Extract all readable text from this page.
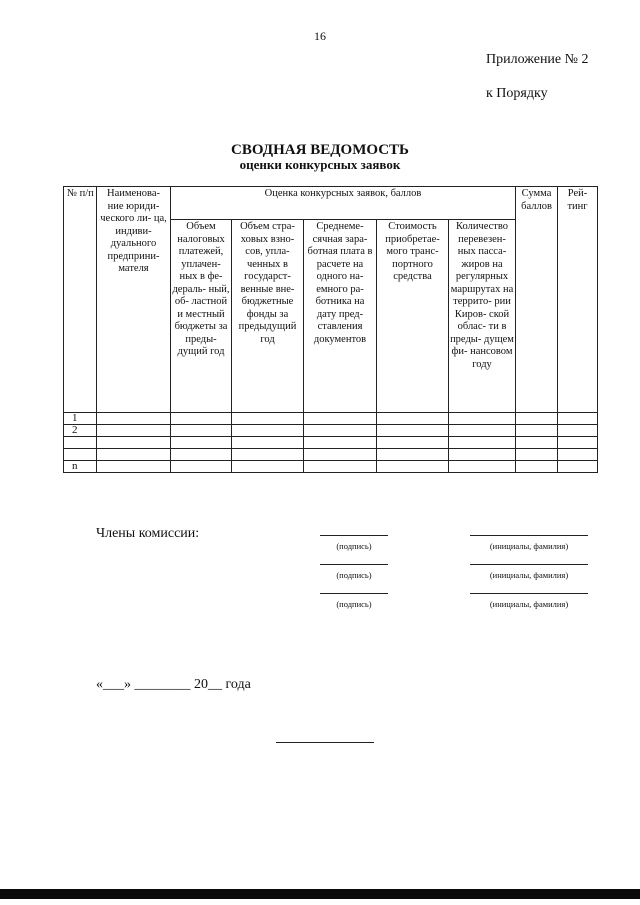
16
Приложение № 2
к Порядку
СВОДНАЯ ВЕДОМОСТЬ
оценки конкурсных заявок
№ п/п	Наименова- ние юриди- ческого ли- ца, индиви- дуального предприни- мателя	Оценка конкурсных заявок, баллов					Сумма баллов	Рей- тинг
		Объем налоговых платежей, уплачен- ных в фе- дераль- ный, об- ластной и местный бюджеты за преды- дущий год	Объем стра- ховых взно- сов, упла- ченных в государст- венные вне- бюджетные фонды за предыдущий год	Среднеме- сячная зара- ботная плата в расчете на одного на- емного ра- ботника на дату пред- ставления документов	Стоимость приобретае- мого транс- портного средства	Количество перевезен- ных пасса- жиров на регулярных маршрутах на террито- рии Киров- ской облас- ти в преды- дущем фи- нансовом году		
1								
2								

n								
Члены комиссии:
(подпись)	(инициалы, фамилия)
(подпись)	(инициалы, фамилия)
(подпись)	(инициалы, фамилия)
«___» ________ 20__ года
